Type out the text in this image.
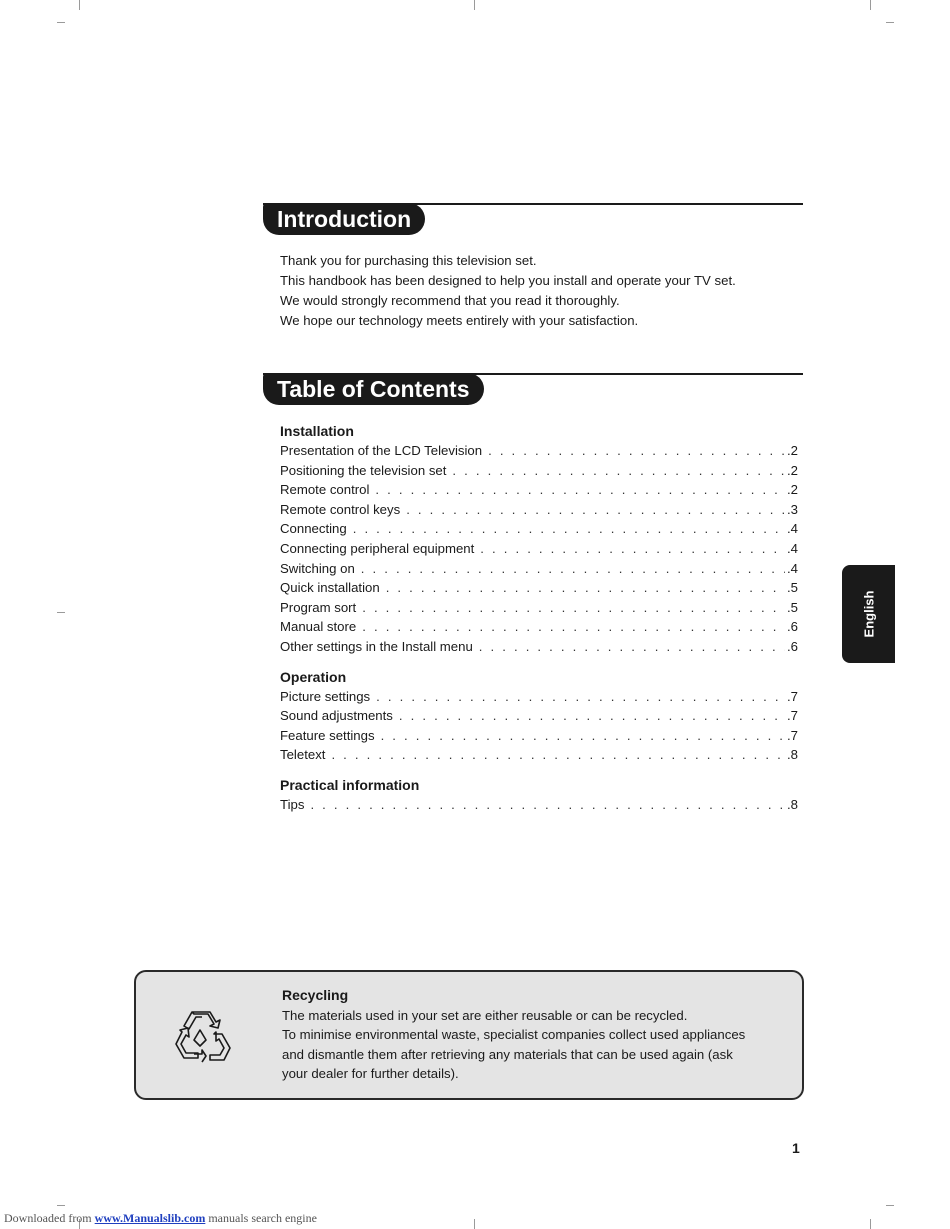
Introduction

Thank you for purchasing this television set.

This handbook has been designed to help you install and operate your TV set.

We would strongly recommend that you read it thoroughly.

We hope our technology meets entirely with your satisfaction.

Table of Contents

Installation

Presentation of the LCD Television . . .	.2
Positioning the television set . . .	.2
Remote control . . .	.2
Remote control keys . . .	.3
Connecting . . .	.4
Connecting peripheral equipment . . .	.4
Switching on . . .	.4
Quick installation . . .	.5
Program sort . . .	.5
Manual store . . .	.6
Other settings in the Install menu . . .	.6

Operation

Picture settings . . .	.7
Sound adjustments . . .	.7
Feature settings . . .	.7
Teletext . . .	.8

Practical information

Tips . . .	.8
English

Recycling

The materials used in your set are either reusable or can be recycled.

To minimise environmental waste, specialist companies collect used appliances

and dismantle them after retrieving any materials that can be used again (ask

your dealer for further details).

1
Downloaded from www.Manualslib.com manuals search engine
